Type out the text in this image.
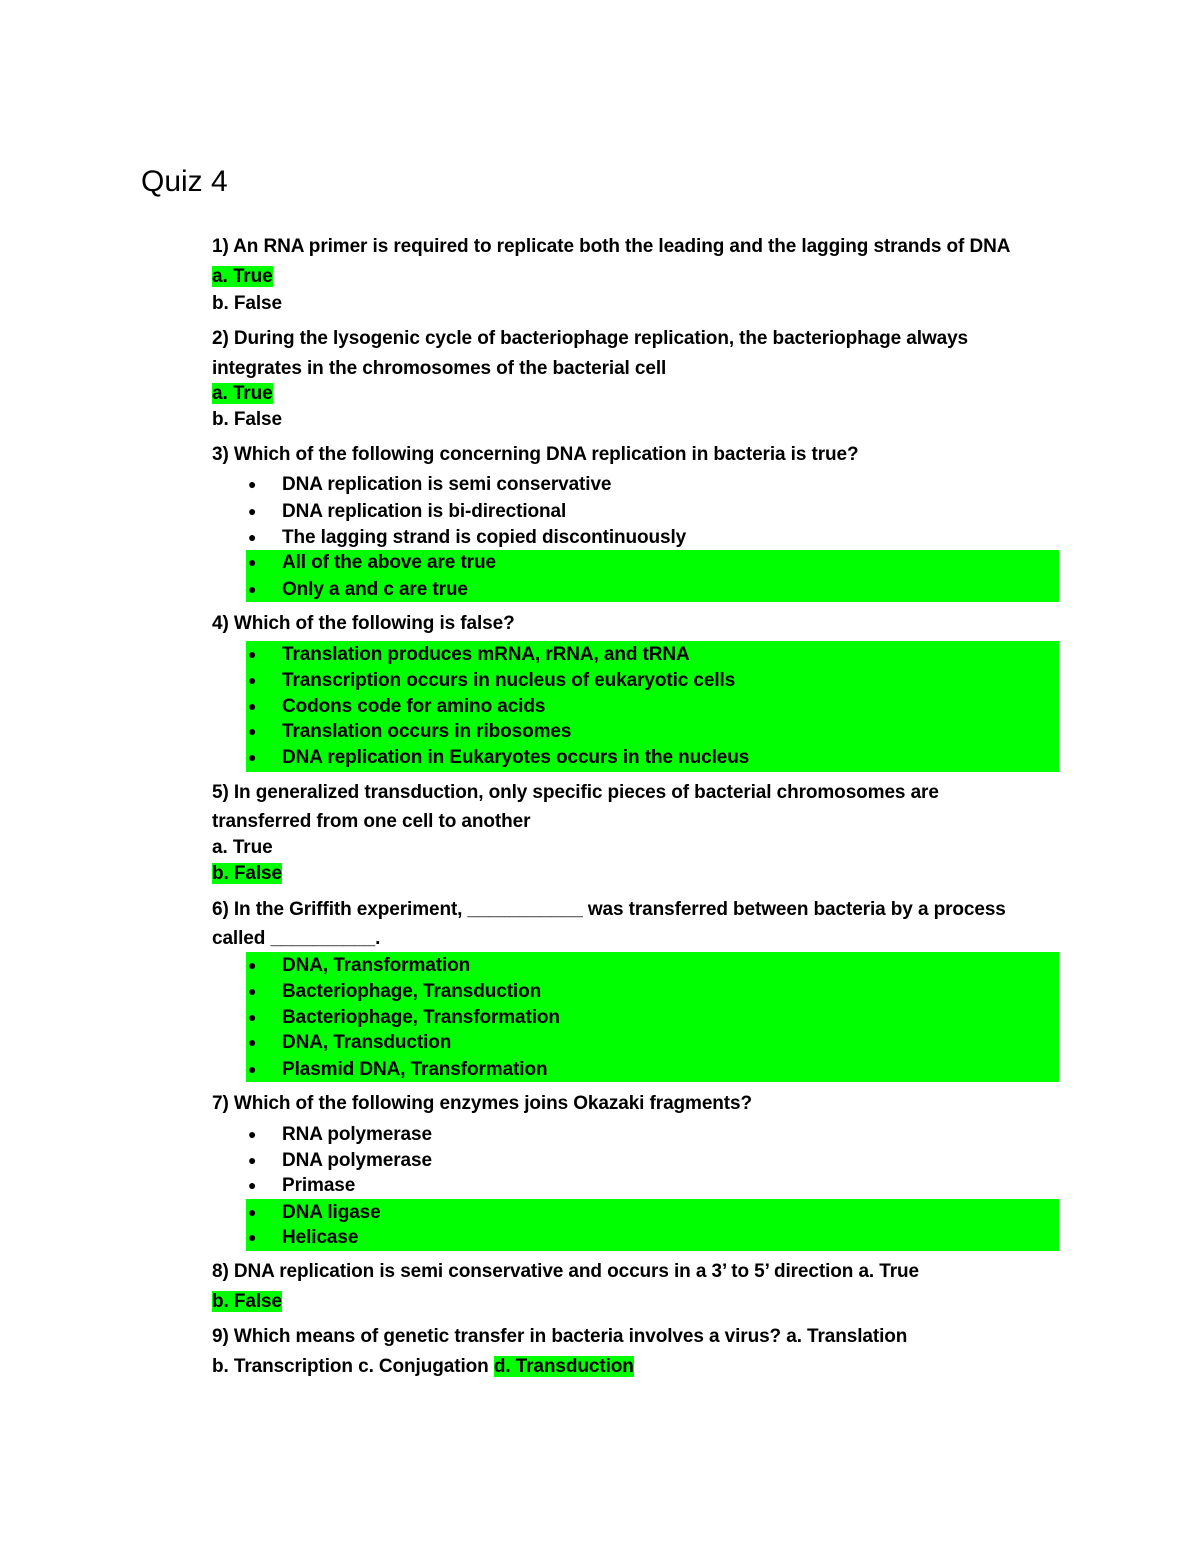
Quiz 4
1) An RNA primer is required to replicate both the leading and the lagging strands of DNA
a. True
b. False
2) During the lysogenic cycle of bacteriophage replication, the bacteriophage always
integrates in the chromosomes of the bacterial cell
a. True
b. False
3) Which of the following concerning DNA replication in bacteria is true?
● DNA replication is semi conservative
● DNA replication is bi-directional
● The lagging strand is copied discontinuously
● All of the above are true
● Only a and c are true
4) Which of the following is false?
● Translation produces mRNA, rRNA, and tRNA
● Transcription occurs in nucleus of eukaryotic cells
● Codons code for amino acids
● Translation occurs in ribosomes
● DNA replication in Eukaryotes occurs in the nucleus
5) In generalized transduction, only specific pieces of bacterial chromosomes are
transferred from one cell to another
a. True
b. False
6) In the Griffith experiment, ___________ was transferred between bacteria by a process
called __________.
● DNA, Transformation
● Bacteriophage, Transduction
● Bacteriophage, Transformation
● DNA, Transduction
● Plasmid DNA, Transformation
7) Which of the following enzymes joins Okazaki fragments?
● RNA polymerase
● DNA polymerase
● Primase
● DNA ligase
● Helicase
8) DNA replication is semi conservative and occurs in a 3’ to 5’ direction a. True
b. False
9) Which means of genetic transfer in bacteria involves a virus? a. Translation
b. Transcription c. Conjugation d. Transduction
